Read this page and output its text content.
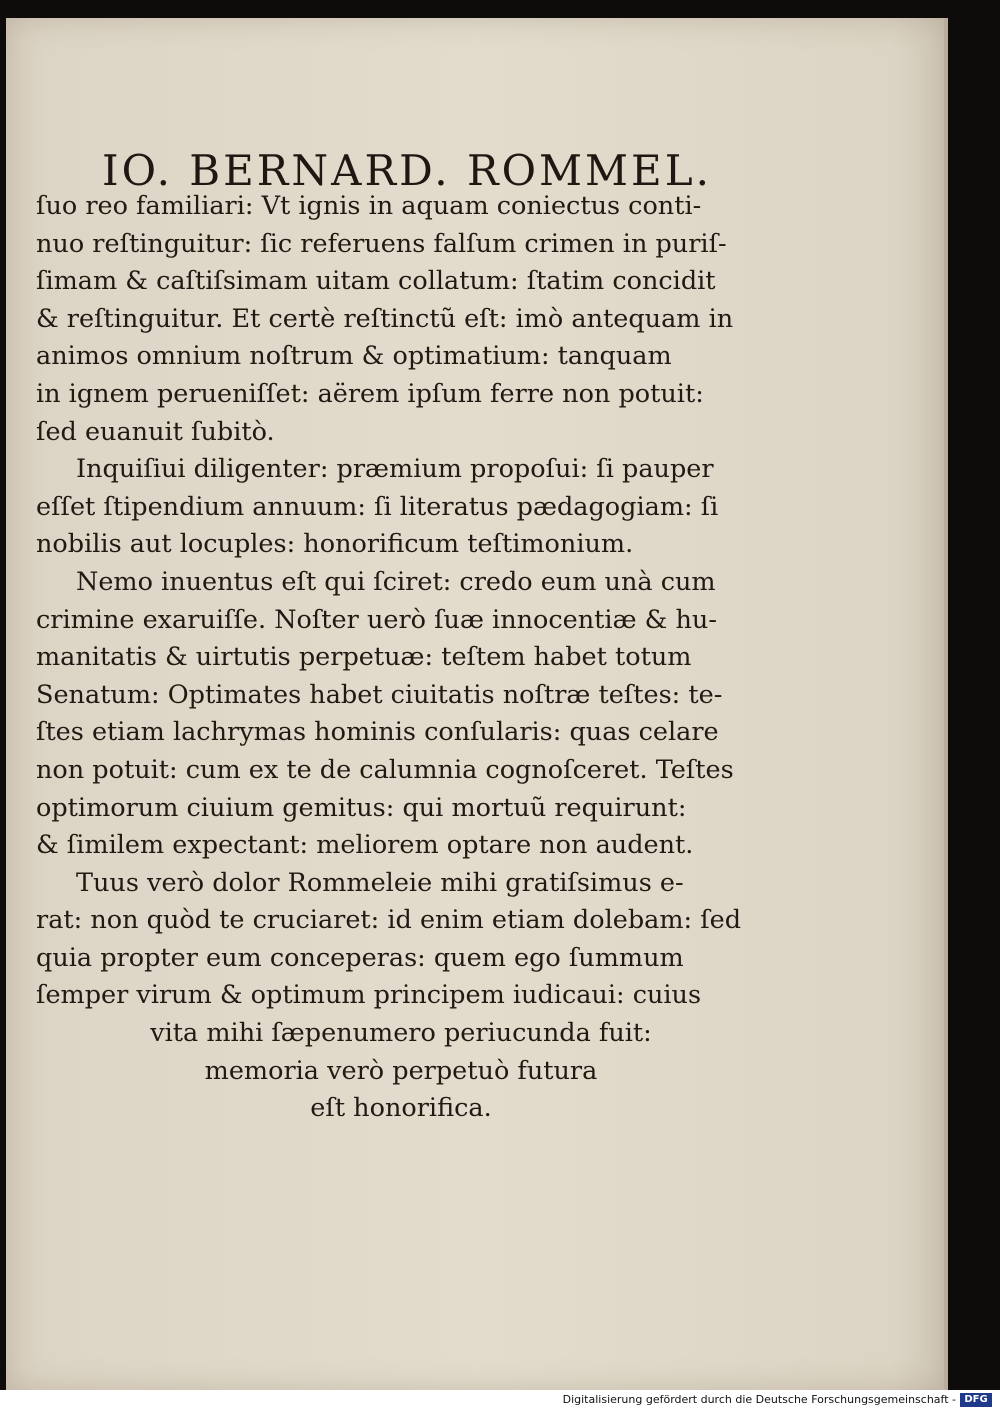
IO. BERNARD. ROMMEL.
ſuo reo familiari: Vt ignis in aquam coniectus conti-
nuo reſtinguitur: ſic referuens falſum crimen in puriſ-
ſimam & caſtiſsimam uitam collatum: ſtatim concidit
& reſtinguitur. Et certè reſtinctũ eſt: imò antequam in
animos omnium noſtrum & optimatium: tanquam
in ignem perueniſſet: aërem ipſum ferre non potuit:
ſed euanuit ſubitò.
Inquiſiui diligenter: præmium propoſui: ſi pauper
eſſet ſtipendium annuum: ſi literatus pædagogiam: ſi
nobilis aut locuples: honorificum teſtimonium.
Nemo inuentus eſt qui ſciret: credo eum unà cum
crimine exaruiſſe. Noſter uerò ſuæ innocentiæ & hu-
manitatis & uirtutis perpetuæ: teſtem habet totum
Senatum: Optimates habet ciuitatis noſtræ teſtes: te-
ſtes etiam lachrymas hominis conſularis: quas celare
non potuit: cum ex te de calumnia cognoſceret. Teſtes
optimorum ciuium gemitus: qui mortuũ requirunt:
& ſimilem expectant: meliorem optare non audent.
Tuus verò dolor Rommeleie mihi gratiſsimus e-
rat: non quòd te cruciaret: id enim etiam dolebam: ſed
quia propter eum conceperas: quem ego ſummum
ſemper virum & optimum principem iudicaui: cuius
vita mihi ſæpenumero periucunda fuit:
memoria verò perpetuò futura
eſt honorifica.
Digitalisierung gefördert durch die Deutsche Forschungsgemeinschaft - DFG
